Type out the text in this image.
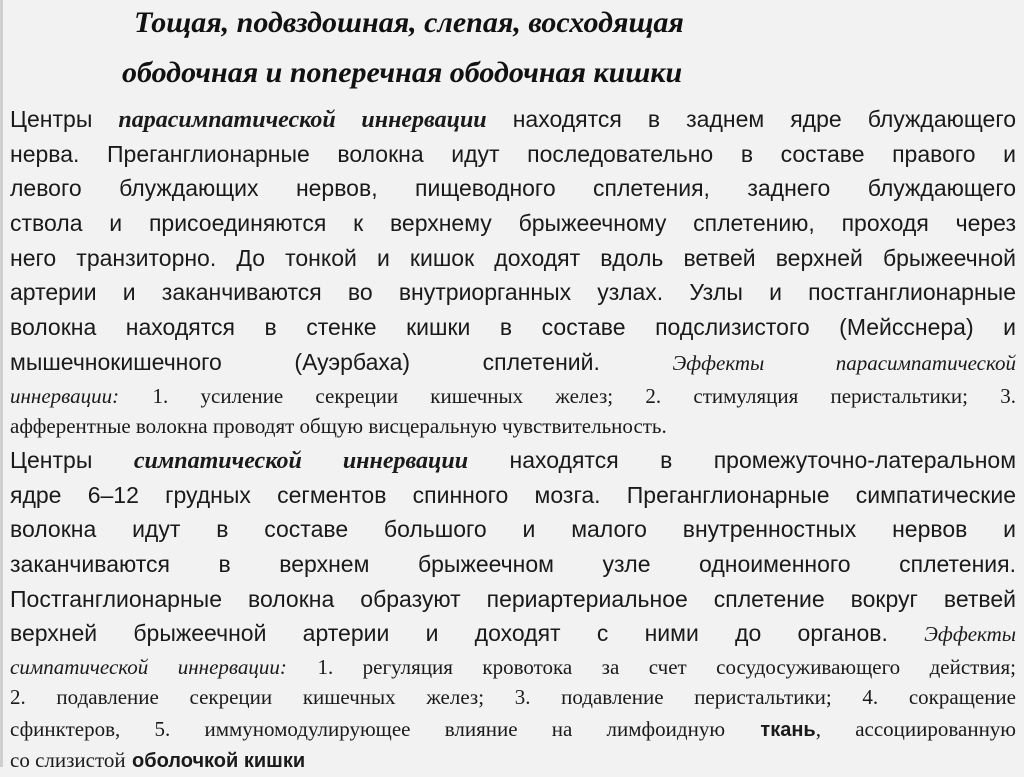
Тощая, подвздошная, слепая, восходящая
ободочная и поперечная ободочная кишки
Центры парасимпатической иннервации находятся в заднем ядре блуждающего
нерва. Преганглионарные волокна идут последовательно в составе правого и
левого блуждающих нервов, пищеводного сплетения, заднего блуждающего
ствола и присоединяются к верхнему брыжеечному сплетению, проходя через
него транзиторно. До тонкой и кишок доходят вдоль ветвей верхней брыжеечной
артерии и заканчиваются во внутриорганных узлах. Узлы и постганглионарные
волокна находятся в стенке кишки в составе подслизистого (Мейсснера) и
мышечнокишечного (Ауэрбаха) сплетений.	Эффекты парасимпатической
иннервации: 1. усиление секреции кишечных желез; 2. стимуляция перистальтики; 3.
афферентные волокна проводят общую висцеральную чувствительность.
Центры симпатической иннервации находятся в промежуточно-латеральном
ядре 6–12 грудных сегментов спинного мозга. Преганглионарные симпатические
волокна идут в составе большого и малого внутренностных нервов и
заканчиваются в верхнем брыжеечном узле одноименного сплетения.
Постганглионарные волокна образуют периартериальное сплетение вокруг ветвей
верхней брыжеечной артерии и доходят с ними до органов. Эффекты
симпатической иннервации: 1. регуляция кровотока за счет сосудосуживающего действия;
2. подавление секреции кишечных желез; 3. подавление перистальтики; 4. сокращение
сфинктеров, 5. иммуномодулирующее влияние на лимфоидную ткань, ассоциированную
со слизистой оболочкой кишки
